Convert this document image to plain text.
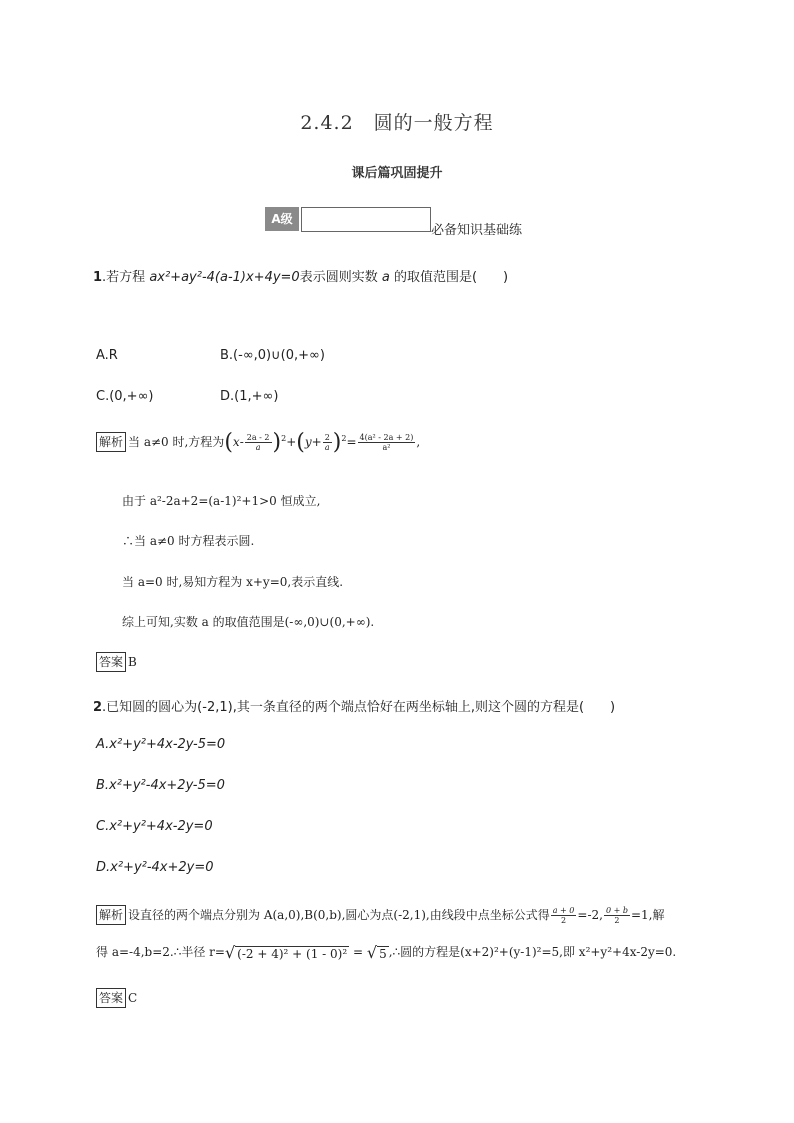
2.4.2　圆的一般方程
课后篇巩固提升
A级
必备知识基础练
1.若方程 ax²+ay²-4(a-1)x+4y=0表示圆则实数 a 的取值范围是(　　)
A.R	B.(-∞,0)∪(0,+∞)
C.(0,+∞)	D.(1,+∞)
解析 当 a≠0 时,方程为$(x- \frac{2a - 2}{a} )^2+(y+ \frac{2}{a} )^2= \frac{\text{4(a² - 2a + 2)}}{\text{a²}}$ ,
由于 a²-2a+2=(a-1)²+1>0 恒成立,
∴当 a≠0 时方程表示圆.
当 a=0 时,易知方程为 x+y=0,表示直线.
综上可知,实数 a 的取值范围是(-∞,0)∪(0,+∞).
答案 B
2.已知圆的圆心为(-2,1),其一条直径的两个端点恰好在两坐标轴上,则这个圆的方程是(　　)
A.x²+y²+4x-2y-5=0
B.x²+y²-4x+2y-5=0
C.x²+y²+4x-2y=0
D.x²+y²-4x+2y=0
解析 设直径的两个端点分别为 A(a,0),B(0,b),圆心为点(-2,1),由线段中点坐标公式得 $\frac{a + 0}{2} =-2$, $\frac{0 + b}{2} =1$,解
得 a=-4,b=2.∴半径 r=√ (-2 + 4)² + (1 - 0)² = √ 5 ,∴圆的方程是(x+2)²+(y-1)²=5,即 x²+y²+4x-2y=0.
答案 C
